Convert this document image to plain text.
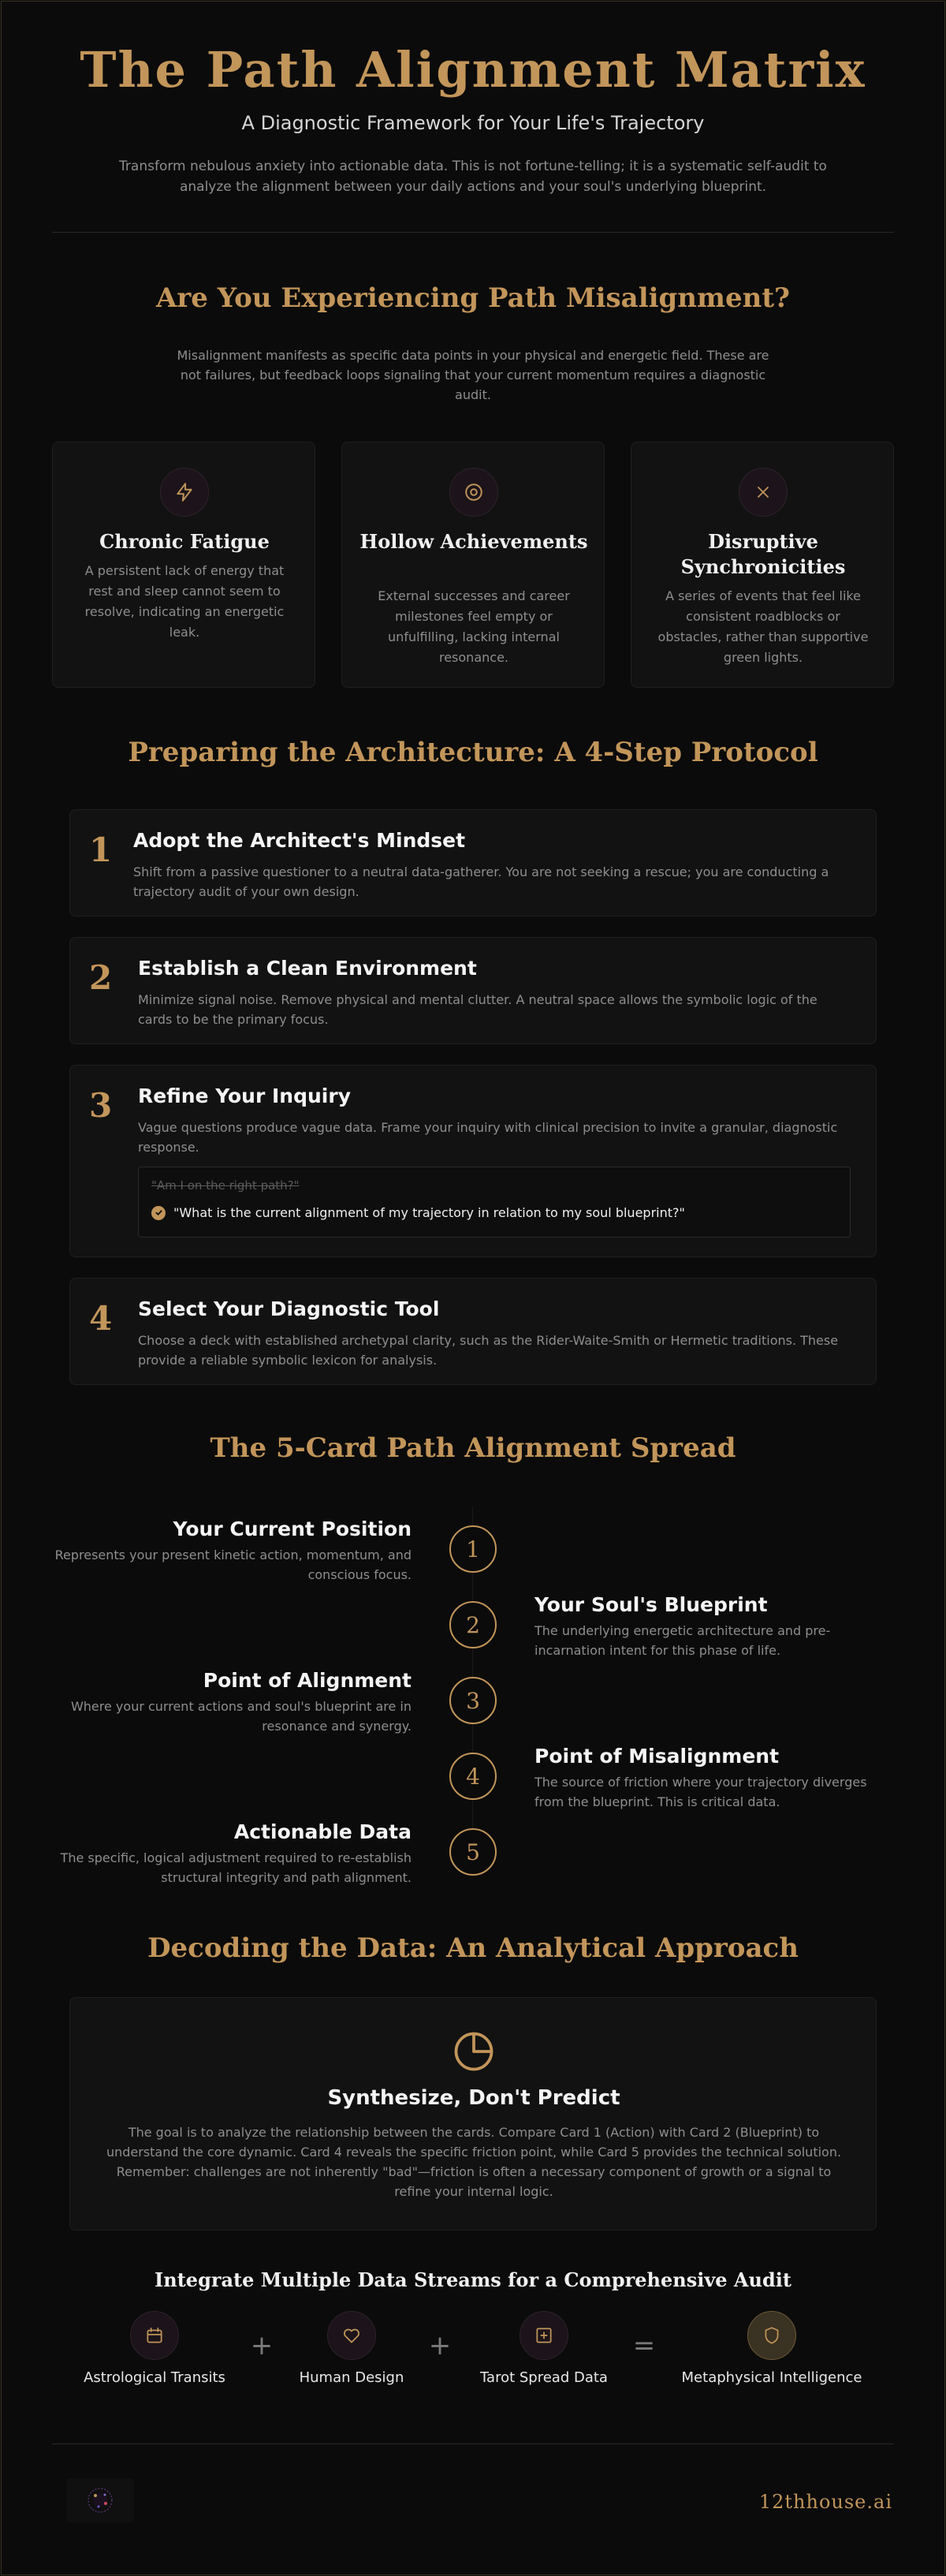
The Path Alignment Matrix
A Diagnostic Framework for Your Life's Trajectory

Transform nebulous anxiety into actionable data. This is not fortune-telling; it is a systematic self-audit to analyze the alignment between your daily actions and your soul's underlying blueprint.

Are You Experiencing Path Misalignment?

Misalignment manifests as specific data points in your physical and energetic field. These are not failures, but feedback loops signaling that your current momentum requires a diagnostic audit.

Chronic Fatigue

A persistent lack of energy that rest and sleep cannot seem to resolve, indicating an energetic leak.

Hollow Achievements

External successes and career milestones feel empty or unfulfilling, lacking internal resonance.

Disruptive Synchronicities

A series of events that feel like consistent roadblocks or obstacles, rather than supportive green lights.

Preparing the Architecture: A 4-Step Protocol
1 Adopt the Architect's Mindset

Shift from a passive questioner to a neutral data-gatherer. You are not seeking a rescue; you are conducting a trajectory audit of your own design.

2 Establish a Clean Environment

Minimize signal noise. Remove physical and mental clutter. A neutral space allows the symbolic logic of the cards to be the primary focus.

3 Refine Your Inquiry

Vague questions produce vague data. Frame your inquiry with clinical precision to invite a granular, diagnostic response.

"Am I on the right path?"
"What is the current alignment of my trajectory in relation to my soul blueprint?"
4 Select Your Diagnostic Tool

Choose a deck with established archetypal clarity, such as the Rider-Waite-Smith or Hermetic traditions. These provide a reliable symbolic lexicon for analysis.

The 5-Card Path Alignment Spread
1
Your Current Position
Represents your present kinetic action, momentum, and conscious focus.
2
Your Soul's Blueprint
The underlying energetic architecture and pre-incarnation intent for this phase of life.
3
Point of Alignment
Where your current actions and soul's blueprint are in resonance and synergy.
4
Point of Misalignment
The source of friction where your trajectory diverges from the blueprint. This is critical data.
5
Actionable Data
The specific, logical adjustment required to re-establish structural integrity and path alignment.
Decoding the Data: An Analytical Approach
Synthesize, Don't Predict

The goal is to analyze the relationship between the cards. Compare Card 1 (Action) with Card 2 (Blueprint) to understand the core dynamic. Card 4 reveals the specific friction point, while Card 5 provides the technical solution. Remember: challenges are not inherently "bad"—friction is often a necessary component of growth or a signal to refine your internal logic.

Integrate Multiple Data Streams for a Comprehensive Audit
Astrological Transits
+
Human Design
+
Tarot Spread Data
=
Metaphysical Intelligence
12thhouse.ai
